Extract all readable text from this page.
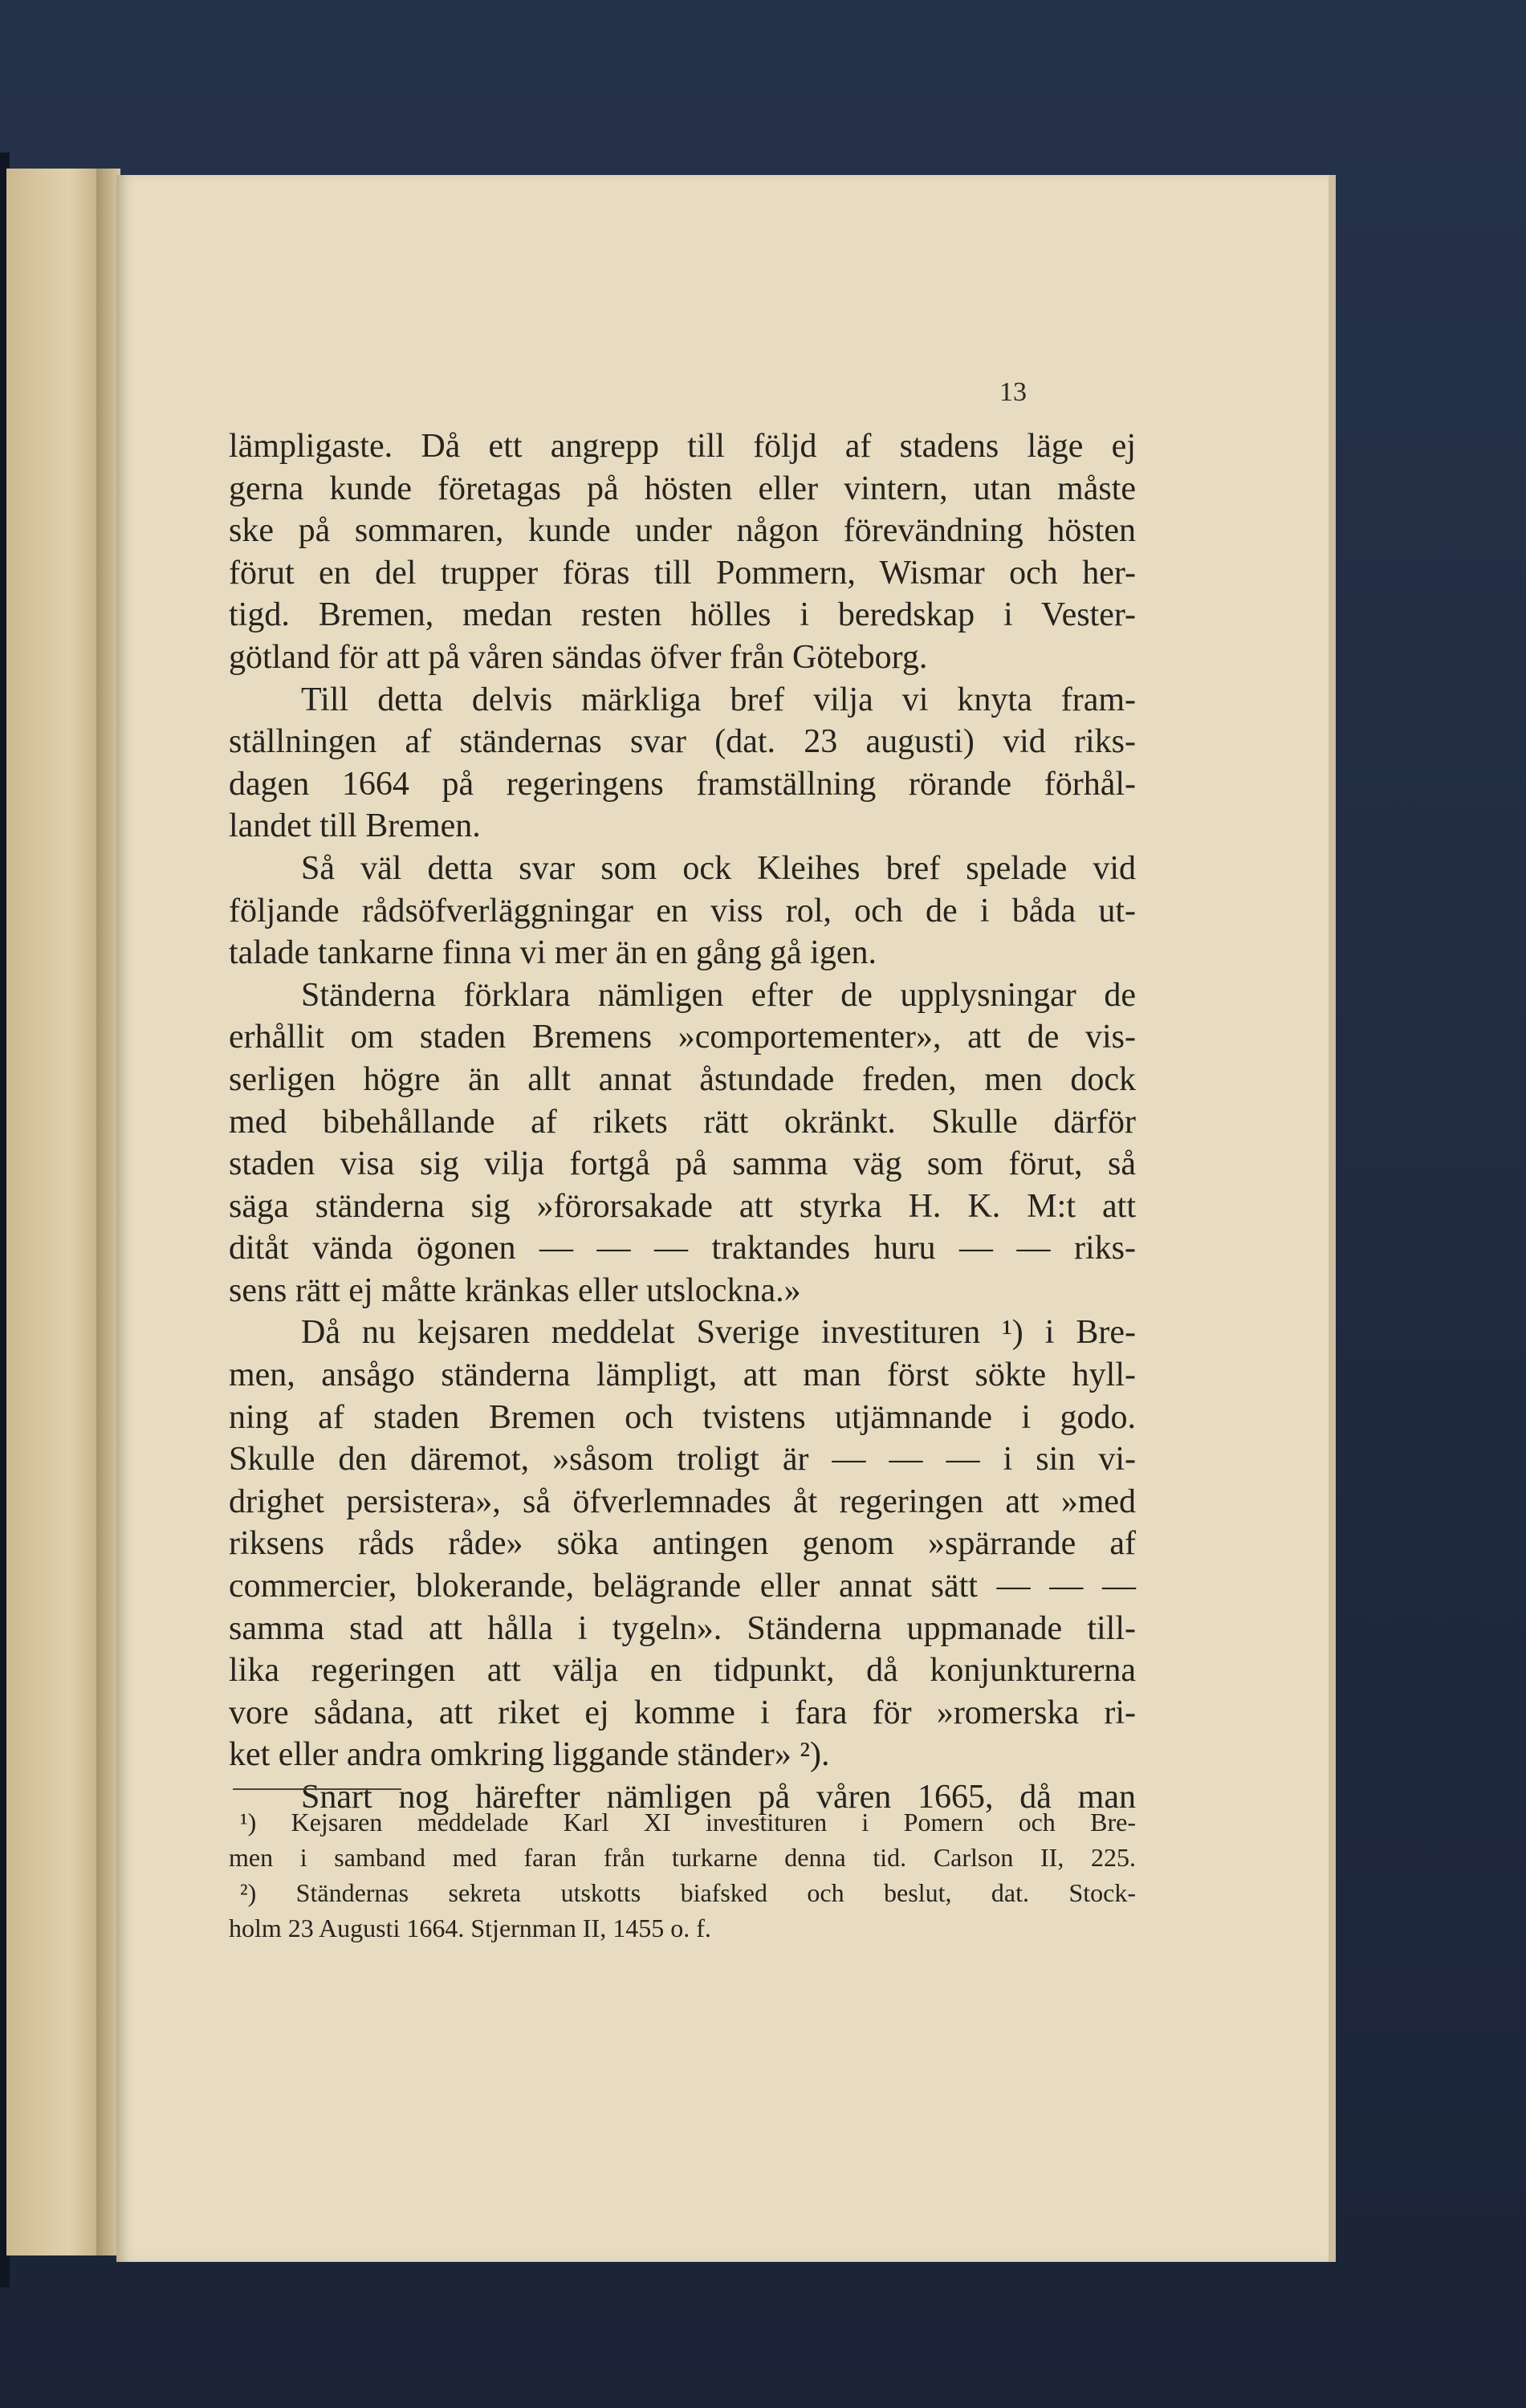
13
lämpligaste. Då ett angrepp till följd af stadens läge ej
gerna kunde företagas på hösten eller vintern, utan måste
ske på sommaren, kunde under någon förevändning hösten
förut en del trupper föras till Pommern, Wismar och her-
tigd. Bremen, medan resten hölles i beredskap i Vester-
götland för att på våren sändas öfver från Göteborg.
Till detta delvis märkliga bref vilja vi knyta fram-
ställningen af ständernas svar (dat. 23 augusti) vid riks-
dagen 1664 på regeringens framställning rörande förhål-
landet till Bremen.
Så väl detta svar som ock Kleihes bref spelade vid
följande rådsöfverläggningar en viss rol, och de i båda ut-
talade tankarne finna vi mer än en gång gå igen.
Ständerna förklara nämligen efter de upplysningar de
erhållit om staden Bremens »comportementer», att de vis-
serligen högre än allt annat åstundade freden, men dock
med bibehållande af rikets rätt okränkt. Skulle därför
staden visa sig vilja fortgå på samma väg som förut, så
säga ständerna sig »förorsakade att styrka H. K. M:t att
ditåt vända ögonen — — — traktandes huru — — riks-
sens rätt ej måtte kränkas eller utslockna.»
Då nu kejsaren meddelat Sverige investituren ¹) i Bre-
men, ansågo ständerna lämpligt, att man först sökte hyll-
ning af staden Bremen och tvistens utjämnande i godo.
Skulle den däremot, »såsom troligt är — — — i sin vi-
drighet persistera», så öfverlemnades åt regeringen att »med
riksens råds råde» söka antingen genom »spärrande af
commercier, blokerande, belägrande eller annat sätt — — —
samma stad att hålla i tygeln». Ständerna uppmanade till-
lika regeringen att välja en tidpunkt, då konjunkturerna
vore sådana, att riket ej komme i fara för »romerska ri-
ket eller andra omkring liggande ständer» ²).
Snart nog härefter nämligen på våren 1665, då man
¹) Kejsaren meddelade Karl XI investituren i Pomern och Bre-
men i samband med faran från turkarne denna tid. Carlson II, 225.
²) Ständernas sekreta utskotts biafsked och beslut, dat. Stock-
holm 23 Augusti 1664. Stjernman II, 1455 o. f.
